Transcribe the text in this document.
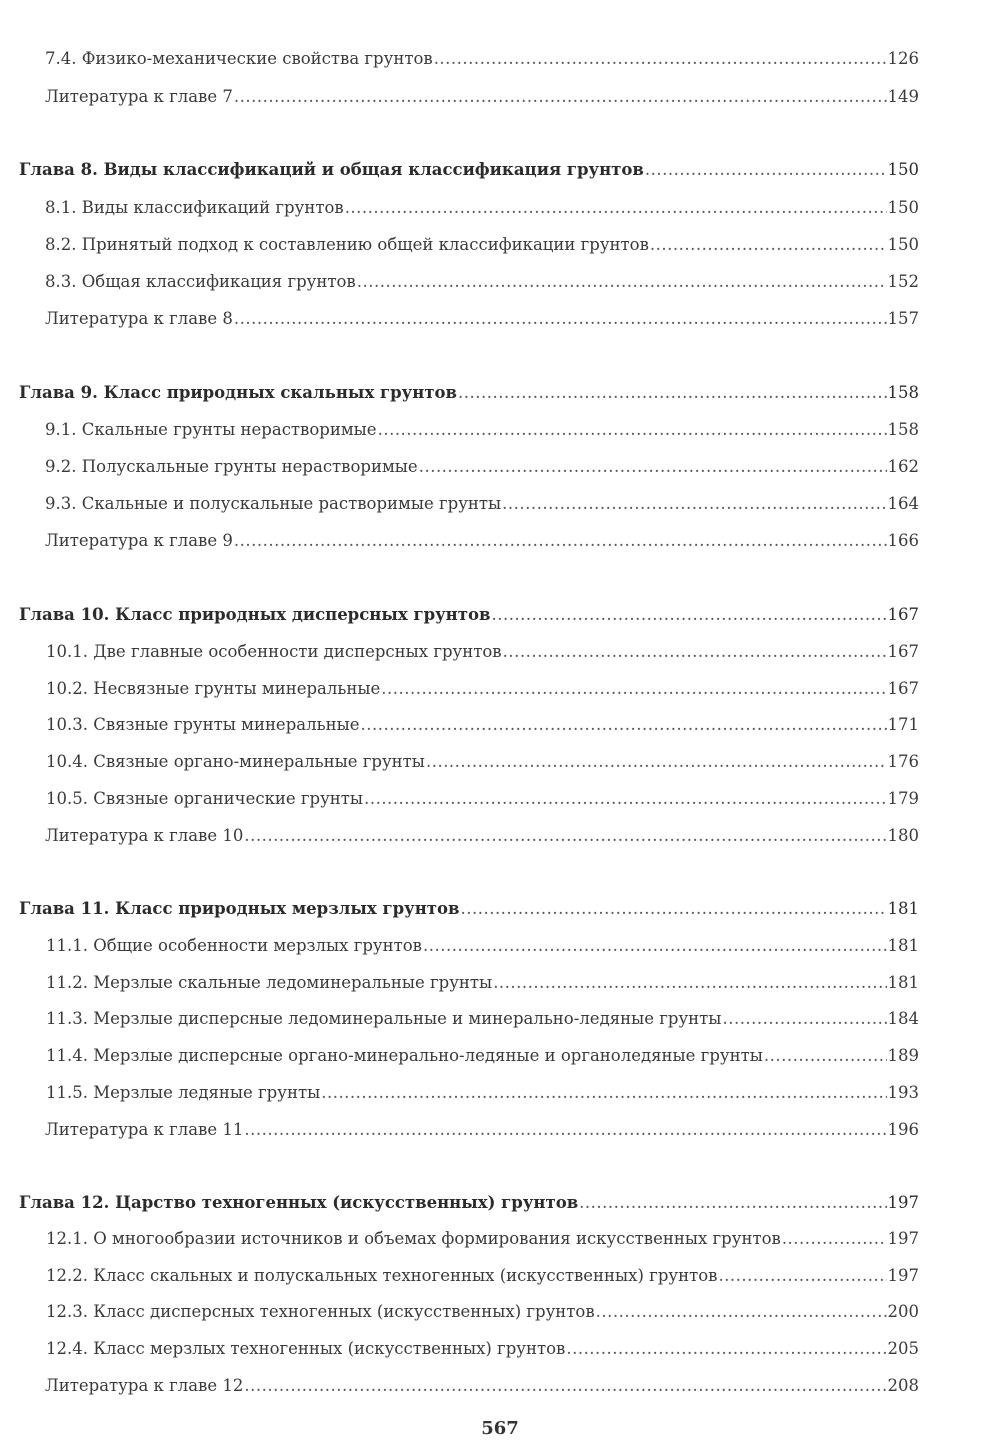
7.4. Физико-механические свойства грунтов .....	126
Литература к главе 7 .....	149
Глава 8. Виды классификаций и общая классификация грунтов .....	150
8.1. Виды классификаций грунтов .....	150
8.2. Принятый подход к составлению общей классификации грунтов .....	150
8.3. Общая классификация грунтов .....	152
Литература к главе 8 .....	157
Глава 9. Класс природных скальных грунтов .....	158
9.1. Скальные грунты нерастворимые .....	158
9.2. Полускальные грунты нерастворимые .....	162
9.3. Скальные и полускальные растворимые грунты .....	164
Литература к главе 9 .....	166
Глава 10. Класс природных дисперсных грунтов .....	167
10.1. Две главные особенности дисперсных грунтов .....	167
10.2. Несвязные грунты минеральные .....	167
10.3. Связные грунты минеральные .....	171
10.4. Связные органо-минеральные грунты .....	176
10.5. Связные органические грунты .....	179
Литература к главе 10 .....	180
Глава 11. Класс природных мерзлых грунтов .....	181
11.1. Общие особенности мерзлых грунтов .....	181
11.2. Мерзлые скальные ледоминеральные грунты .....	181
11.3. Мерзлые дисперсные ледоминеральные и минерально-ледяные грунты .....	184
11.4. Мерзлые дисперсные органо-минерально-ледяные и органоледяные грунты .....	189
11.5. Мерзлые ледяные грунты .....	193
Литература к главе 11 .....	196
Глава 12. Царство техногенных (искусственных) грунтов .....	197
12.1. О многообразии источников и объемах формирования искусственных грунтов .....	197
12.2. Класс скальных и полускальных техногенных (искусственных) грунтов .....	197
12.3. Класс дисперсных техногенных (искусственных) грунтов .....	200
12.4. Класс мерзлых техногенных (искусственных) грунтов .....	205
Литература к главе 12 .....	208
567
